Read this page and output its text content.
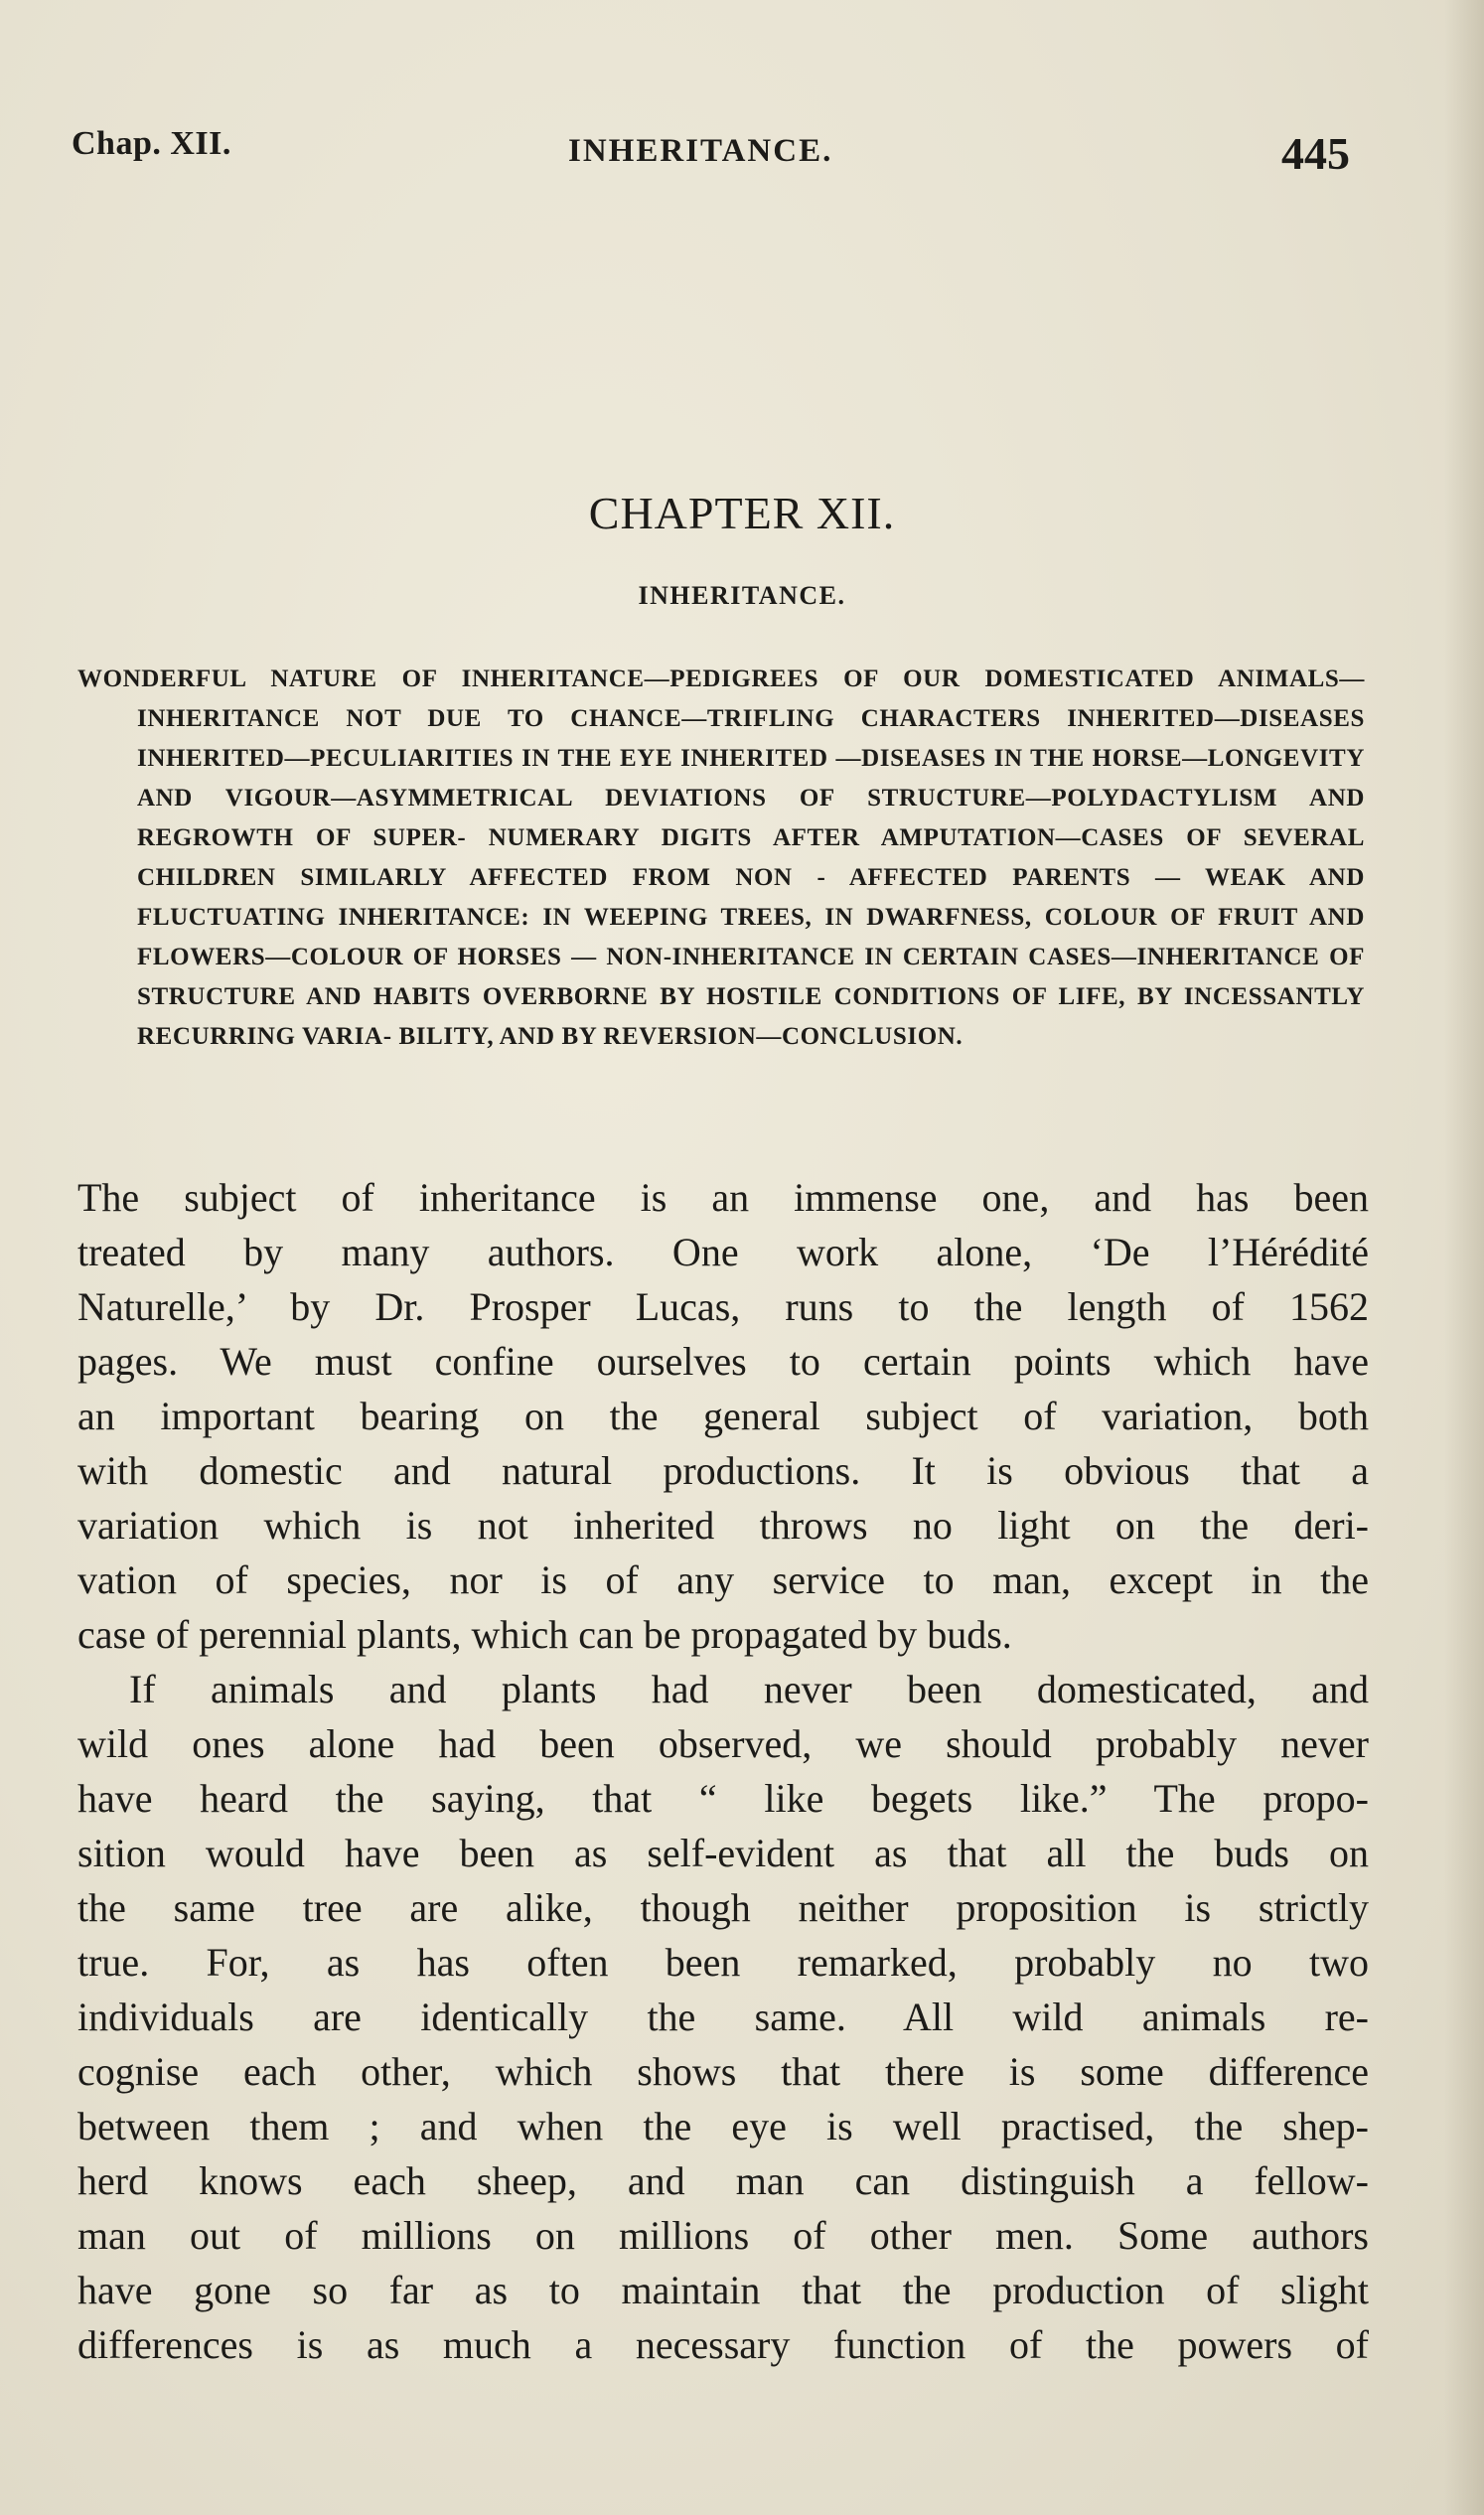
Chap. XII.	INHERITANCE.	445
CHAPTER XII.
INHERITANCE.
WONDERFUL NATURE OF INHERITANCE—PEDIGREES OF OUR DOMESTICATED ANIMALS—INHERITANCE NOT DUE TO CHANCE—TRIFLING CHARACTERS INHERITED—DISEASES INHERITED—PECULIARITIES IN THE EYE INHERITED —DISEASES IN THE HORSE—LONGEVITY AND VIGOUR—ASYMMETRICAL DEVIATIONS OF STRUCTURE—POLYDACTYLISM AND REGROWTH OF SUPER- NUMERARY DIGITS AFTER AMPUTATION—CASES OF SEVERAL CHILDREN SIMILARLY AFFECTED FROM NON - AFFECTED PARENTS — WEAK AND FLUCTUATING INHERITANCE: IN WEEPING TREES, IN DWARFNESS, COLOUR OF FRUIT AND FLOWERS—COLOUR OF HORSES — NON-INHERITANCE IN CERTAIN CASES—INHERITANCE OF STRUCTURE AND HABITS OVERBORNE BY HOSTILE CONDITIONS OF LIFE, BY INCESSANTLY RECURRING VARIA- BILITY, AND BY REVERSION—CONCLUSION.
The subject of inheritance is an immense one, and has been
treated by many authors. One work alone, ‘De l’Hérédité
Naturelle,’ by Dr. Prosper Lucas, runs to the length of 1562
pages. We must confine ourselves to certain points which have
an important bearing on the general subject of variation, both
with domestic and natural productions. It is obvious that a
variation which is not inherited throws no light on the deri-
vation of species, nor is of any service to man, except in the
case of perennial plants, which can be propagated by buds.
If animals and plants had never been domesticated, and
wild ones alone had been observed, we should probably never
have heard the saying, that “ like begets like.” The propo-
sition would have been as self-evident as that all the buds on
the same tree are alike, though neither proposition is strictly
true. For, as has often been remarked, probably no two
individuals are identically the same. All wild animals re-
cognise each other, which shows that there is some difference
between them ; and when the eye is well practised, the shep-
herd knows each sheep, and man can distinguish a fellow-
man out of millions on millions of other men. Some authors
have gone so far as to maintain that the production of slight
differences is as much a necessary function of the powers of
